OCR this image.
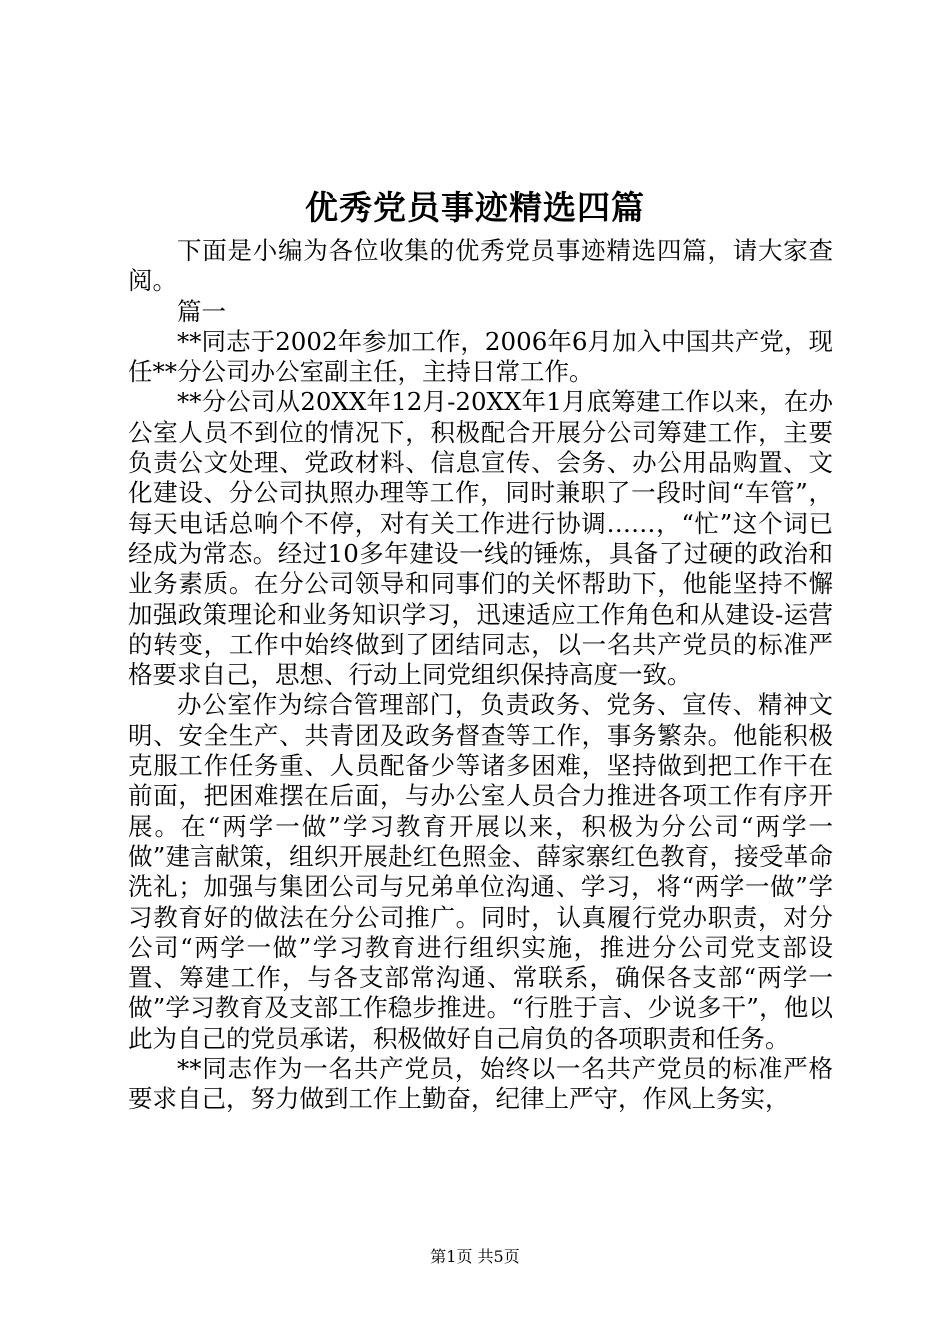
优秀党员事迹精选四篇

下面是小编为各位收集的优秀党员事迹精选四篇，请大家查阅。

篇一

**同志于2002年参加工作，2006年6月加入中国共产党，现任**分公司办公室副主任，主持日常工作。

**分公司从20XX年12月-20XX年1月底筹建工作以来，在办公室人员不到位的情况下，积极配合开展分公司筹建工作，主要负责公文处理、党政材料、信息宣传、会务、办公用品购置、文化建设、分公司执照办理等工作，同时兼职了一段时间“车管”，每天电话总响个不停，对有关工作进行协调……，“忙”这个词已经成为常态。经过10多年建设一线的锤炼，具备了过硬的政治和业务素质。在分公司领导和同事们的关怀帮助下，他能坚持不懈加强政策理论和业务知识学习，迅速适应工作角色和从建设-运营的转变，工作中始终做到了团结同志，以一名共产党员的标准严格要求自己，思想、行动上同党组织保持高度一致。

办公室作为综合管理部门，负责政务、党务、宣传、精神文明、安全生产、共青团及政务督查等工作，事务繁杂。他能积极克服工作任务重、人员配备少等诸多困难，坚持做到把工作干在前面，把困难摆在后面，与办公室人员合力推进各项工作有序开展。在“两学一做”学习教育开展以来，积极为分公司“两学一做”建言献策，组织开展赴红色照金、薛家寨红色教育，接受革命洗礼；加强与集团公司与兄弟单位沟通、学习，将“两学一做”学习教育好的做法在分公司推广。同时，认真履行党办职责，对分公司“两学一做”学习教育进行组织实施，推进分公司党支部设置、筹建工作，与各支部常沟通、常联系，确保各支部“两学一做”学习教育及支部工作稳步推进。“行胜于言、少说多干”，他以此为自己的党员承诺，积极做好自己肩负的各项职责和任务。

**同志作为一名共产党员，始终以一名共产党员的标准严格要求自己，努力做到工作上勤奋，纪律上严守，作风上务实，

第1页 共5页
